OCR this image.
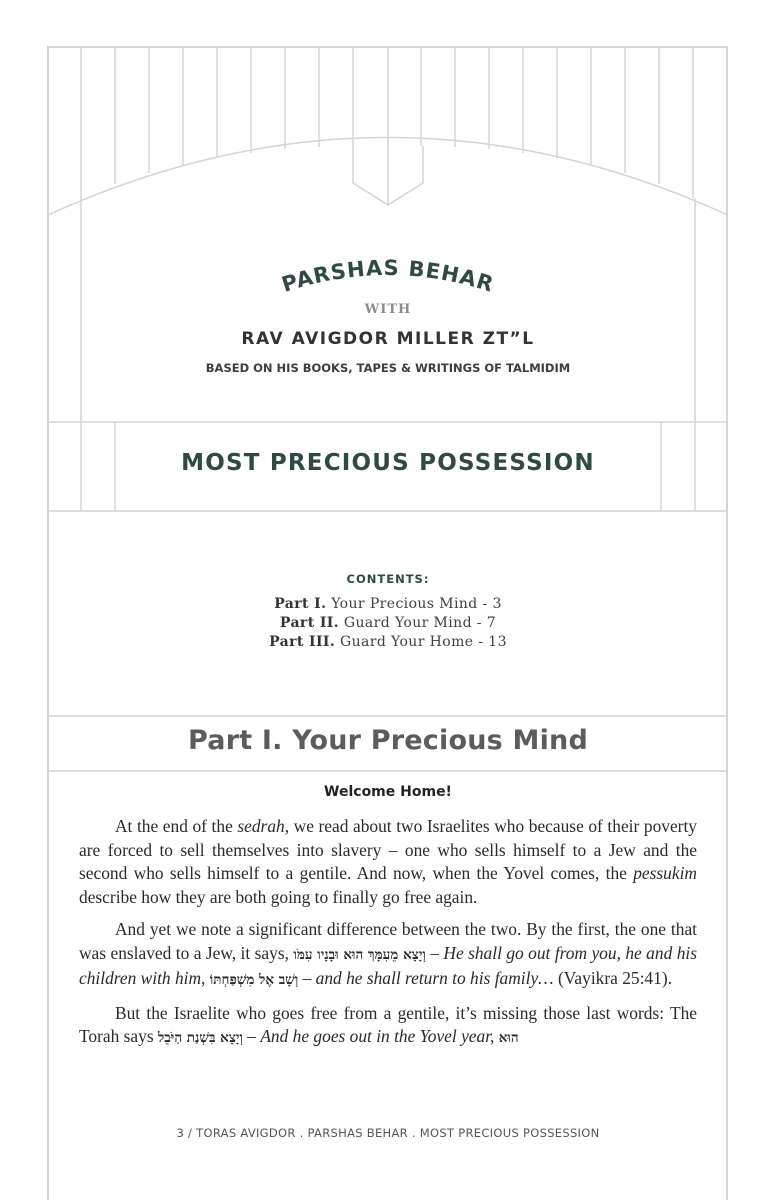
PARSHAS BEHAR
WITH
RAV AVIGDOR MILLER ZT”L
BASED ON HIS BOOKS, TAPES & WRITINGS OF TALMIDIM
MOST PRECIOUS POSSESSION
CONTENTS:
Part I. Your Precious Mind - 3
Part II. Guard Your Mind - 7
Part III. Guard Your Home - 13
Part I. Your Precious Mind
Welcome Home!

At the end of the sedrah, we read about two Israelites who because of their poverty are forced to sell themselves into slavery – one who sells himself to a Jew and the second who sells himself to a gentile. And now, when the Yovel comes, the pessukim describe how they are both going to finally go free again.

And yet we note a significant difference between the two. By the first, the one that was enslaved to a Jew, it says, וְיָצָא מֵעִמָּךְ הוּא וּבָנָיו עִמֹּו – He shall go out from you, he and his children with him, וְשָׁב אֶל מִשְׁפַּחְתּוֹ – and he shall return to his family… (Vayikra 25:41).

But the Israelite who goes free from a gentile, it’s missing those last words: The Torah says וְיָצָא בִּשְׁנַת הַיֹּבֵל – And he goes out in the Yovel year, הוּא

3 / TORAS AVIGDOR . PARSHAS BEHAR . MOST PRECIOUS POSSESSION
